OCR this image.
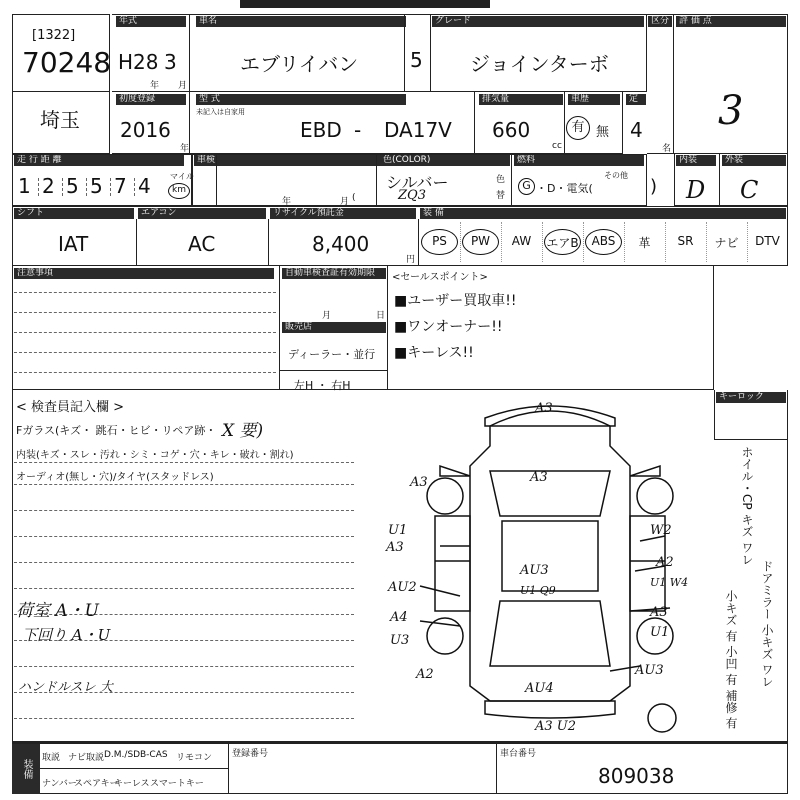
[1322]
70248
年式
H28 3
年 月
車名
エブリイバン	5
グレード
ジョインターボ
区分	評 価 点
3
埼玉
初度登録
2016
年
型 式
未記入は自家用
EBD - DA17V
排気量
660
cc
車歴
有 無
定
4
名
走 行 距 離
1 2 5 5 7 4 マイル
km
車検
年	月 (
色(COLOR)
シルバー
ZQ3
色
替
燃料
G ・D・電気(
その他
)
内装	外装
D C
シフト	エアコン	リサイクル預託金	装 備
IAT	AC	8,400
円
PS	PW	AW	エアB	ABS	革	SR	ナビ	DTV
注意事項	自動車検査証有効期限
月	日
販売店
ディーラー・並行
左H ・ 右H
<セールスポイント>
■ユーザー買取車!!
■ワンオーナー!!
■キーレス!!
< 検査員記入欄 >
Fガラス(キズ・ 跳石・ヒビ・リペア跡・ X 要)
内装(キズ・スレ・汚れ・シミ・コゲ・穴・キレ・破れ・割れ)
オーディオ(無し・穴)/タイヤ(スタッドレス)
荷室 A・U
下回り A・U
ハンドルスレ 大
A3
A3
A3
U1
A3
AU2
A4
U3
A2
W2
A2
U1 W4
A3
U1
AU3
AU3
U1 Q9
AU4
A3 U2
キーロック
ホイル・CP キズ ワレ
ドアミラー 小キズ ワレ
小キズ 有 小凹 有 補修 有
装備
取説 ナビ取説 D.M./SD B-CAS リモコン
ナンバー
スペアキー
キーレス スマートキー
登録番号	車台番号
809038
